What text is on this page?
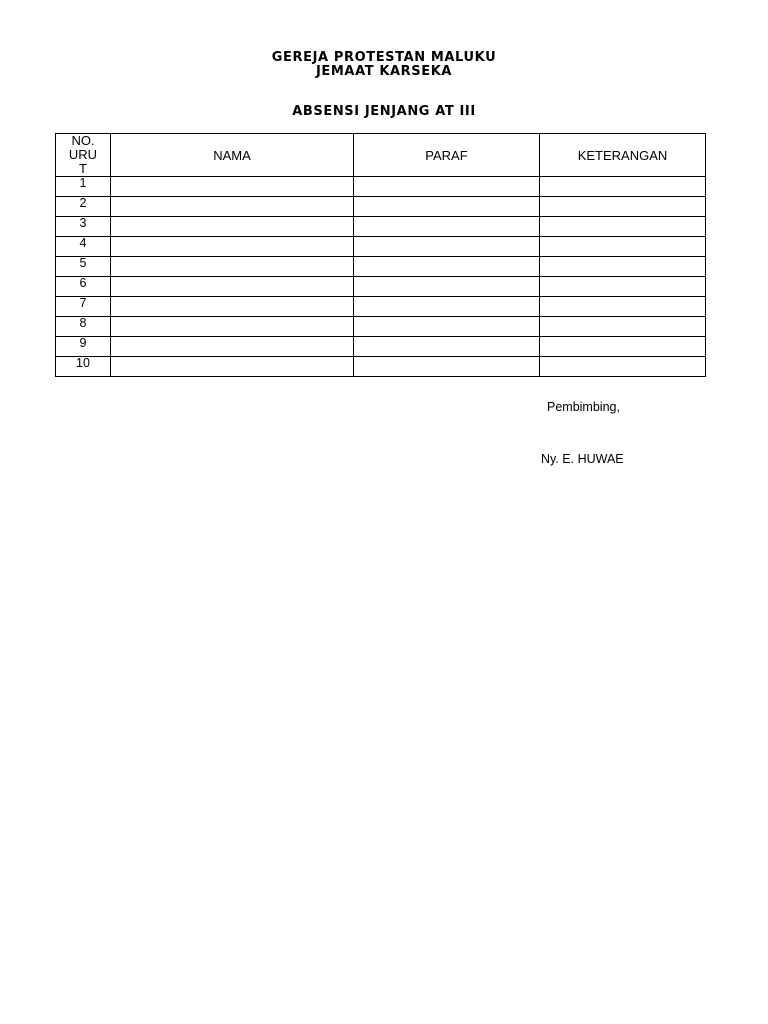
GEREJA PROTESTAN MALUKU
JEMAAT KARSEKA
ABSENSI JENJANG AT III
NO.
URU
T	NAMA	PARAF	KETERANGAN
1			
2			
3			
4			
5			
6			
7			
8			
9			
10			
Pembimbing,
Ny. E. HUWAE
